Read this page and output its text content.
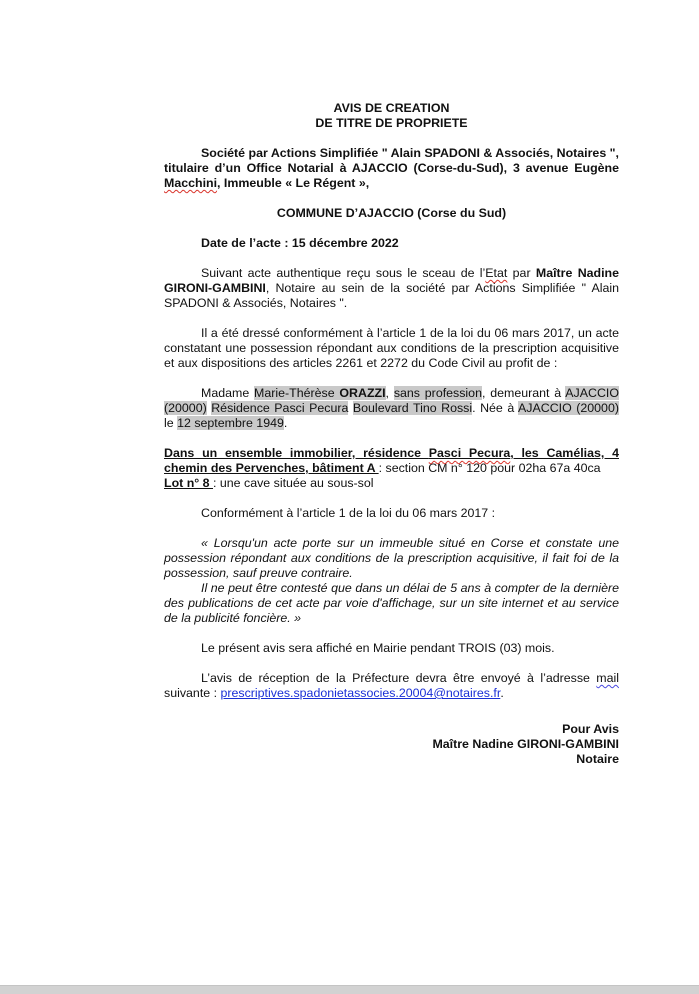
AVIS DE CREATION

DE TITRE DE PROPRIETE

Société par Actions Simplifiée " Alain SPADONI & Associés, Notaires ", titulaire d’un Office Notarial à AJACCIO (Corse-du-Sud), 3 avenue Eugène Macchini, Immeuble « Le Régent »,

COMMUNE D’AJACCIO (Corse du Sud)

Date de l’acte : 15 décembre 2022

Suivant acte authentique reçu sous le sceau de l’Etat par Maître Nadine GIRONI-GAMBINI, Notaire au sein de la société par Actions Simplifiée " Alain SPADONI & Associés, Notaires ".

Il a été dressé conformément à l’article 1 de la loi du 06 mars 2017, un acte constatant une possession répondant aux conditions de la prescription acquisitive et aux dispositions des articles 2261 et 2272 du Code Civil au profit de :

Madame Marie-Thérèse ORAZZI, sans profession, demeurant à AJACCIO (20000) Résidence Pasci Pecura Boulevard Tino Rossi. Née à AJACCIO (20000) le 12 septembre 1949.

Dans un ensemble immobilier, résidence Pasci Pecura, les Camélias, 4 chemin des Pervenches, bâtiment A : section CM n° 120 pour 02ha 67a 40ca

Lot n° 8 : une cave située au sous-sol

Conformément à l’article 1 de la loi du 06 mars 2017 :

« Lorsqu'un acte porte sur un immeuble situé en Corse et constate une possession répondant aux conditions de la prescription acquisitive, il fait foi de la possession, sauf preuve contraire.

Il ne peut être contesté que dans un délai de 5 ans à compter de la dernière des publications de cet acte par voie d'affichage, sur un site internet et au service de la publicité foncière. »

Le présent avis sera affiché en Mairie pendant TROIS (03) mois.

L’avis de réception de la Préfecture devra être envoyé à l’adresse mail suivante : prescriptives.spadonietassocies.20004@notaires.fr.

Pour Avis

Maître Nadine GIRONI-GAMBINI

Notaire
